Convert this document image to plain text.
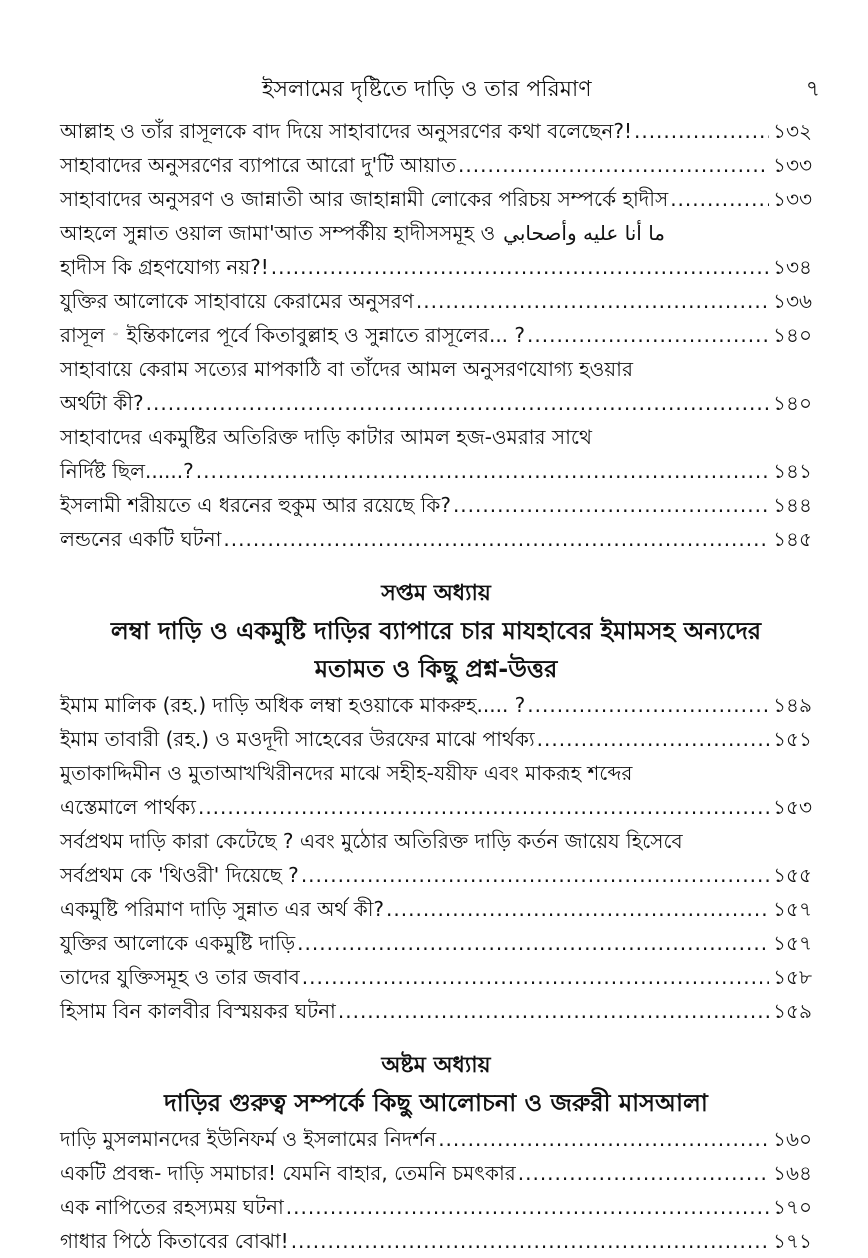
ইসলামের দৃষ্টিতে দাড়ি ও তার পরিমাণ	৭
আল্লাহ ও তাঁর রাসূলকে বাদ দিয়ে সাহাবাদের অনুসরণের কথা বলেছেন?! .....	১৩২
সাহাবাদের অনুসরণের ব্যাপারে আরো দু'টি আয়াত .....	১৩৩
সাহাবাদের অনুসরণ ও জান্নাতী আর জাহান্নামী লোকের পরিচয় সম্পর্কে হাদীস .....	১৩৩
আহলে সুন্নাত ওয়াল জামা'আত সম্পর্কীয় হাদীসসমূহ ও ما أنا عليه وأصحابي
হাদীস কি গ্রহণযোগ্য নয়?! .....	১৩৪
যুক্তির আলোকে সাহাবায়ে কেরামের অনুসরণ .....	১৩৬
রাসূল ইন্তিকালের পূর্বে কিতাবুল্লাহ ও সুন্নাতে রাসূলের... ? .....	১৪০
সাহাবায়ে কেরাম সত্যের মাপকাঠি বা তাঁদের আমল অনুসরণযোগ্য হওয়ার
অর্থটা কী? .....	১৪০
সাহাবাদের একমুষ্টির অতিরিক্ত দাড়ি কাটার আমল হজ-ওমরার সাথে
নির্দিষ্ট ছিল......? .....	১৪১
ইসলামী শরীয়তে এ ধরনের হুকুম আর রয়েছে কি? .....	১৪৪
লন্ডনের একটি ঘটনা .....	১৪৫
সপ্তম অধ্যায়
লম্বা দাড়ি ও একমুষ্টি দাড়ির ব্যাপারে চার মাযহাবের ইমামসহ অন্যদের
মতামত ও কিছু প্রশ্ন-উত্তর
ইমাম মালিক (রহ.) দাড়ি অধিক লম্বা হওয়াকে মাকরুহ..... ? .....	১৪৯
ইমাম তাবারী (রহ.) ও মওদূদী সাহেবের উরফের মাঝে পার্থক্য .....	১৫১
মুতাকাদ্দিমীন ও মুতাআখখিরীনদের মাঝে সহীহ-যয়ীফ এবং মাকরূহ শব্দের
এস্তেমালে পার্থক্য .....	১৫৩
সর্বপ্রথম দাড়ি কারা কেটেছে ? এবং মুঠোর অতিরিক্ত দাড়ি কর্তন জায়েয হিসেবে
সর্বপ্রথম কে 'থিওরী' দিয়েছে ? .....	১৫৫
একমুষ্টি পরিমাণ দাড়ি সুন্নাত এর অর্থ কী? .....	১৫৭
যুক্তির আলোকে একমুষ্টি দাড়ি .....	১৫৭
তাদের যুক্তিসমূহ ও তার জবাব .....	১৫৮
হিসাম বিন কালবীর বিস্ময়কর ঘটনা .....	১৫৯
অষ্টম অধ্যায়
দাড়ির গুরুত্ব সম্পর্কে কিছু আলোচনা ও জরুরী মাসআলা
দাড়ি মুসলমানদের ইউনিফর্ম ও ইসলামের নিদর্শন .....	১৬০
একটি প্রবন্ধ- দাড়ি সমাচার! যেমনি বাহার, তেমনি চমৎকার .....	১৬৪
এক নাপিতের রহস্যময় ঘটনা .....	১৭০
গাধার পিঠে কিতাবের বোঝা! .....	১৭১
